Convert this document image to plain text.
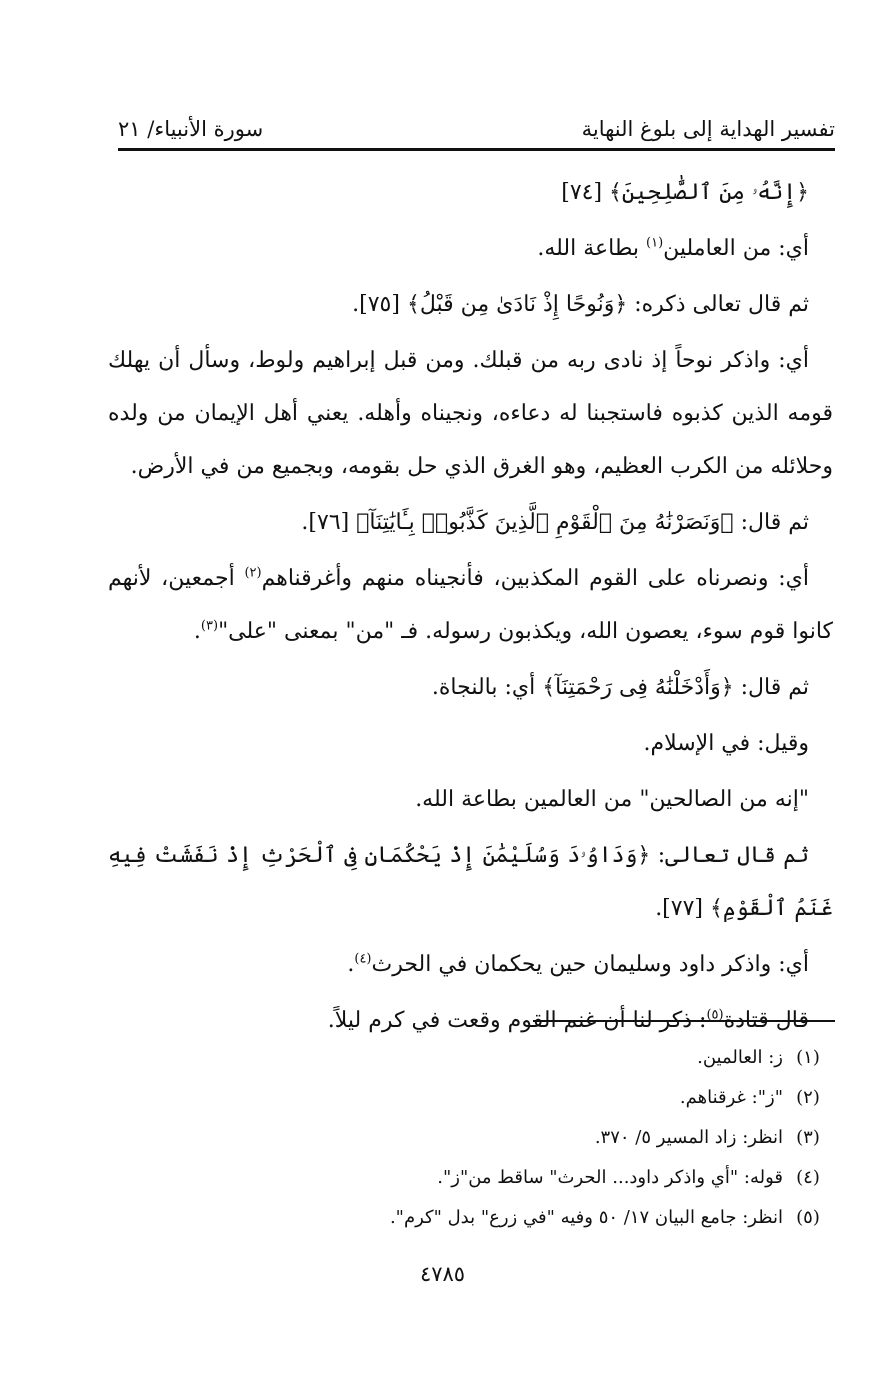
تفسير الهداية إلى بلوغ النهاية
سورة الأنبياء/ ٢١

﴿إِنَّهُۥ مِنَ ٱلصَّٰلِحِينَ﴾ [٧٤]

أي: من العاملين$^{(١)}$ بطاعة الله.

ثم قال تعالى ذكره: ﴿وَنُوحًا إِذْ نَادَىٰ مِن قَبْلُ﴾ [٧٥].

أي: واذكر نوحاً إذ نادى ربه من قبلك. ومن قبل إبراهيم ولوط، وسأل أن يهلك قومه الذين كذبوه فاستجبنا له دعاءه، ونجيناه وأهله. يعني أهل الإيمان من ولده وحلائله من الكرب العظيم، وهو الغرق الذي حل بقومه، وبجميع من في الأرض.

ثم قال: ﴿وَنَصَرْنَٰهُ مِنَ ٱلْقَوْمِ ٱلَّذِينَ كَذَّبُوا۟ بِـَٔايَٰتِنَآ﴾ [٧٦].

أي: ونصرناه على القوم المكذبين، فأنجيناه منهم وأغرقناهم$^{(٢)}$ أجمعين، لأنهم كانوا قوم سوء، يعصون الله، ويكذبون رسوله. فـ "من" بمعنى "على"$^{(٣)}$.

ثم قال: ﴿وَأَدْخَلْنَٰهُ فِى رَحْمَتِنَآ﴾ أي: بالنجاة.

وقيل: في الإسلام.

"إنه من الصالحين" من العالمين بطاعة الله.

ثم قال تعالى: ﴿وَدَاوُۥدَ وَسُلَيْمَٰنَ إِذْ يَحْكُمَانِ فِى ٱلْحَرْثِ إِذْ نَفَشَتْ فِيهِ غَنَمُ ٱلْقَوْمِ﴾ [٧٧].

أي: واذكر داود وسليمان حين يحكمان في الحرث$^{(٤)}$.

قال قتادة$^{(٥)}$: ذكر لنا أن غنم القوم وقعت في كرم ليلاً.

(١)
ز: العالمين.
(٢)
"ز": غرقناهم.
(٣)
انظر: زاد المسير ٥/ ٣٧٠.
(٤)
قوله: "أي واذكر داود... الحرث" ساقط من"ز".
(٥)
انظر: جامع البيان ١٧/ ٥٠ وفيه "في زرع" بدل "كرم".
٤٧٨٥
